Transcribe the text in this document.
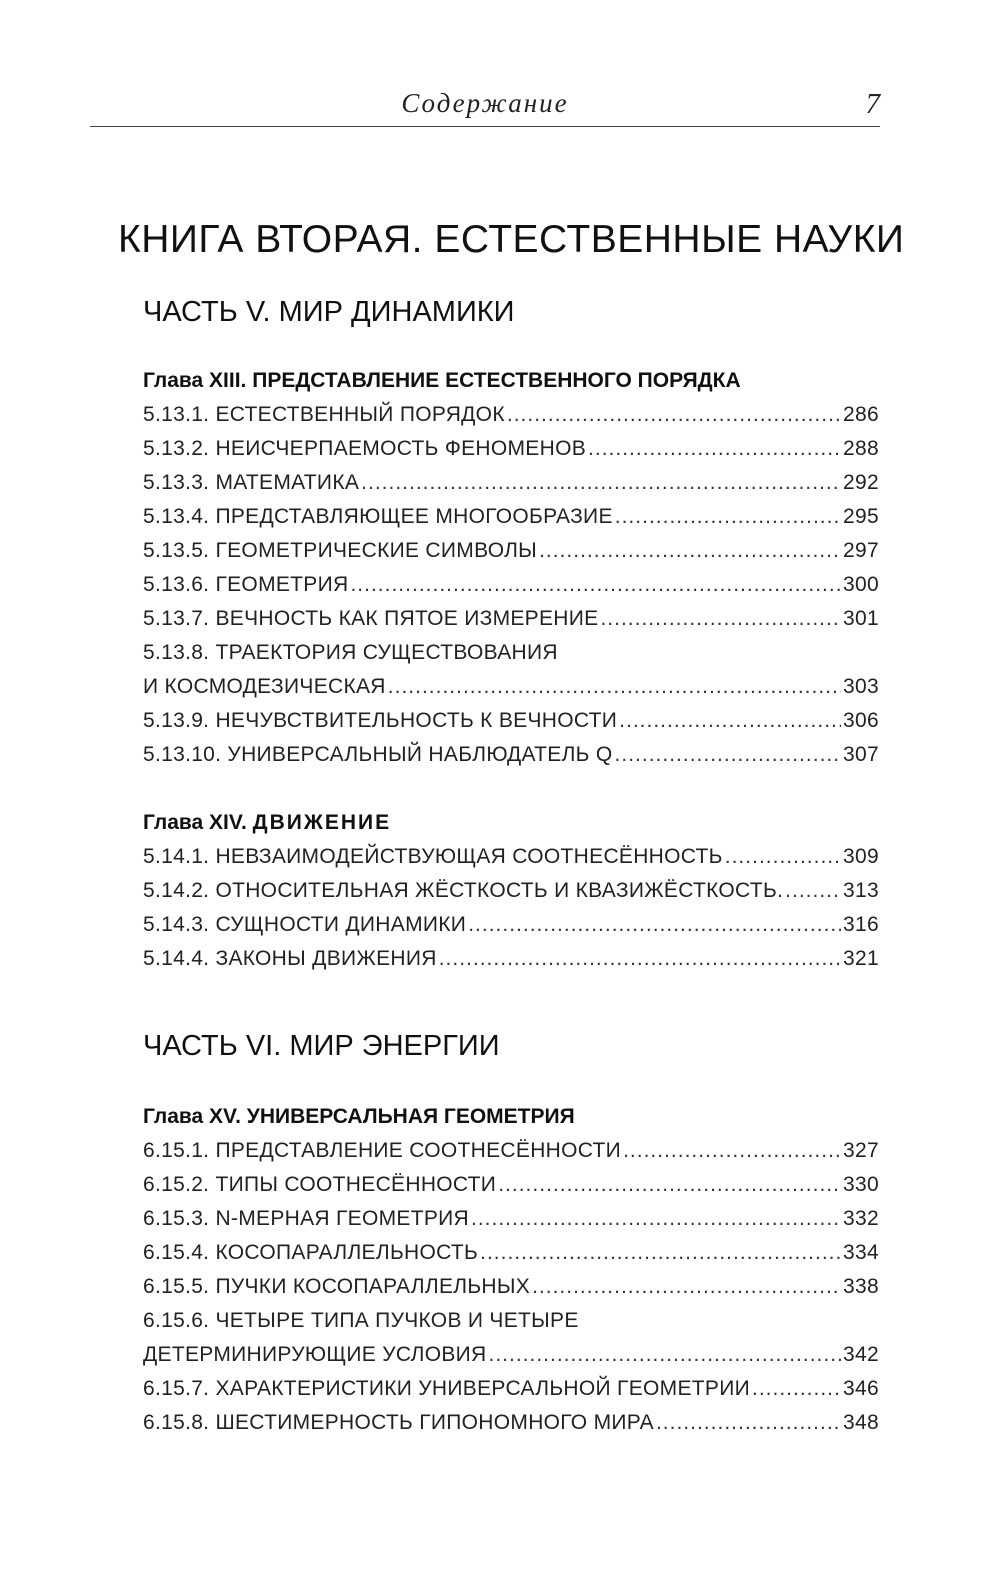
Содержание	7
КНИГА ВТОРАЯ. ЕСТЕСТВЕННЫЕ НАУКИ
ЧАСТЬ V. МИР ДИНАМИКИ
Глава XIII. ПРЕДСТАВЛЕНИЕ ЕСТЕСТВЕННОГО ПОРЯДКА
5.13.1. ЕСТЕСТВЕННЫЙ ПОРЯДОК .....	286
5.13.2. НЕИСЧЕРПАЕМОСТЬ ФЕНОМЕНОВ .....	288
5.13.3. МАТЕМАТИКА .....	292
5.13.4. ПРЕДСТАВЛЯЮЩЕЕ МНОГООБРАЗИЕ .....	295
5.13.5. ГЕОМЕТРИЧЕСКИЕ СИМВОЛЫ .....	297
5.13.6. ГЕОМЕТРИЯ .....	300
5.13.7. ВЕЧНОСТЬ КАК ПЯТОЕ ИЗМЕРЕНИЕ .....	301
5.13.8. ТРАЕКТОРИЯ СУЩЕСТВОВАНИЯ
И КОСМОДЕЗИЧЕСКАЯ .....	303
5.13.9. НЕЧУВСТВИТЕЛЬНОСТЬ К ВЕЧНОСТИ .....	306
5.13.10. УНИВЕРСАЛЬНЫЙ НАБЛЮДАТЕЛЬ Q .....	307
Глава XIV. ДВИЖЕНИЕ
5.14.1. НЕВЗАИМОДЕЙСТВУЮЩАЯ СООТНЕСЁННОСТЬ .....	309
5.14.2. ОТНОСИТЕЛЬНАЯ ЖЁСТКОСТЬ И КВАЗИЖЁСТКОСТЬ. .....	313
5.14.3. СУЩНОСТИ ДИНАМИКИ .....	316
5.14.4. ЗАКОНЫ ДВИЖЕНИЯ .....	321
ЧАСТЬ VI. МИР ЭНЕРГИИ
Глава XV. УНИВЕРСАЛЬНАЯ ГЕОМЕТРИЯ
6.15.1. ПРЕДСТАВЛЕНИЕ СООТНЕСЁННОСТИ .....	327
6.15.2. ТИПЫ СООТНЕСЁННОСТИ .....	330
6.15.3. N-МЕРНАЯ ГЕОМЕТРИЯ .....	332
6.15.4. КОСОПАРАЛЛЕЛЬНОСТЬ .....	334
6.15.5. ПУЧКИ КОСОПАРАЛЛЕЛЬНЫХ .....	338
6.15.6. ЧЕТЫРЕ ТИПА ПУЧКОВ И ЧЕТЫРЕ
ДЕТЕРМИНИРУЮЩИЕ УСЛОВИЯ .....	342
6.15.7. ХАРАКТЕРИСТИКИ УНИВЕРСАЛЬНОЙ ГЕОМЕТРИИ .....	346
6.15.8. ШЕСТИМЕРНОСТЬ ГИПОНОМНОГО МИРА .....	348
